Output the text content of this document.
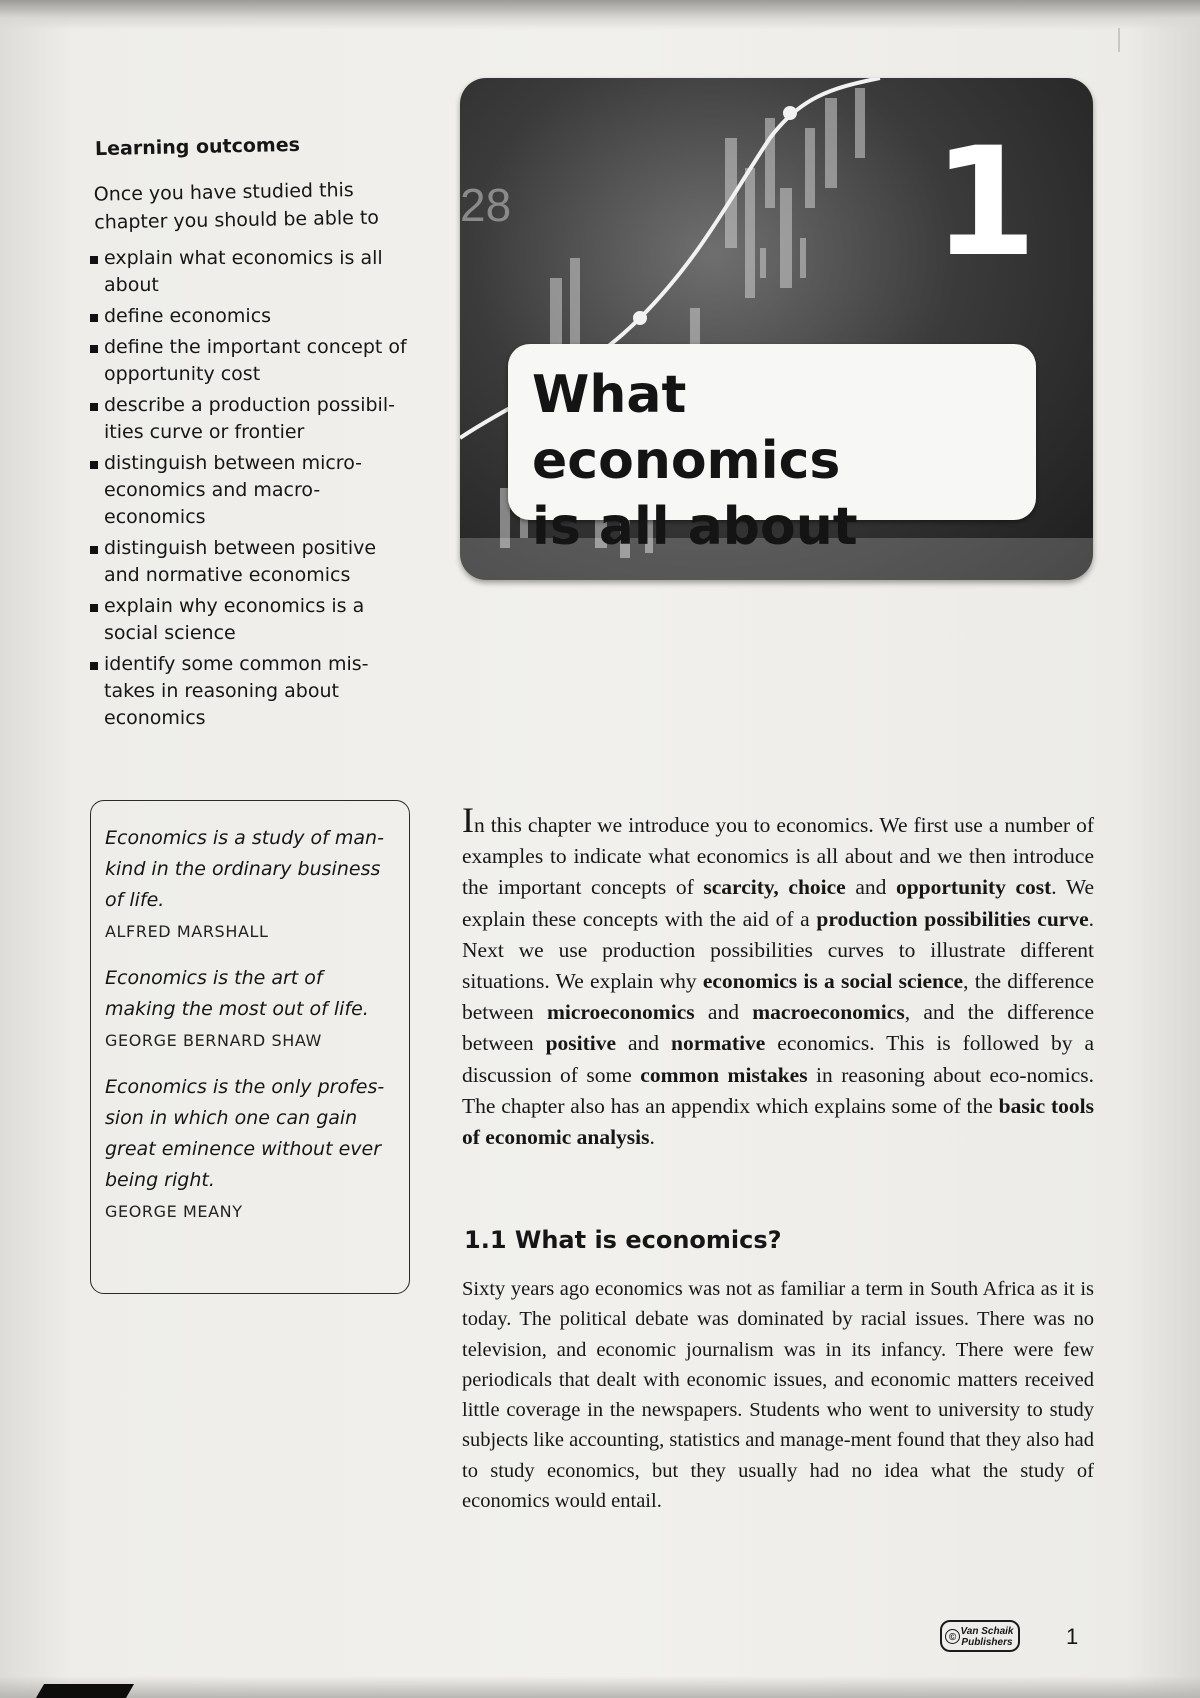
Learning outcomes
Once you have studied this chapter you should be able to
explain what economics is all about
define economics
define the important concept of opportunity cost
describe a production possibil-ities curve or frontier
distinguish between micro-economics and macro-economics
distinguish between positive and normative economics
explain why economics is a social science
identify some common mis-takes in reasoning about economics

Economics is a study of man-kind in the ordinary business of life.

ALFRED MARSHALL

Economics is the art of making the most out of life.

GEORGE BERNARD SHAW

Economics is the only profes-sion in which one can gain great eminence without ever being right.

GEORGE MEANY
28	1
What economics
is all about

In this chapter we introduce you to economics. We first use a number of examples to indicate what economics is all about and we then introduce the important concepts of scarcity, choice and opportunity cost. We explain these concepts with the aid of a production possibilities curve. Next we use production possibilities curves to illustrate different situations. We explain why economics is a social science, the difference between microeconomics and macroeconomics, and the difference between positive and normative economics. This is followed by a discussion of some common mistakes in reasoning about eco-nomics. The chapter also has an appendix which explains some of the basic tools of economic analysis.

1.1 What is economics?

Sixty years ago economics was not as familiar a term in South Africa as it is today. The political debate was dominated by racial issues. There was no television, and economic journalism was in its infancy. There were few periodicals that dealt with economic issues, and economic matters received little coverage in the newspapers. Students who went to university to study subjects like accounting, statistics and manage-ment found that they also had to study economics, but they usually had no idea what the study of economics would entail.

©
Van Schaik
Publishers 1
